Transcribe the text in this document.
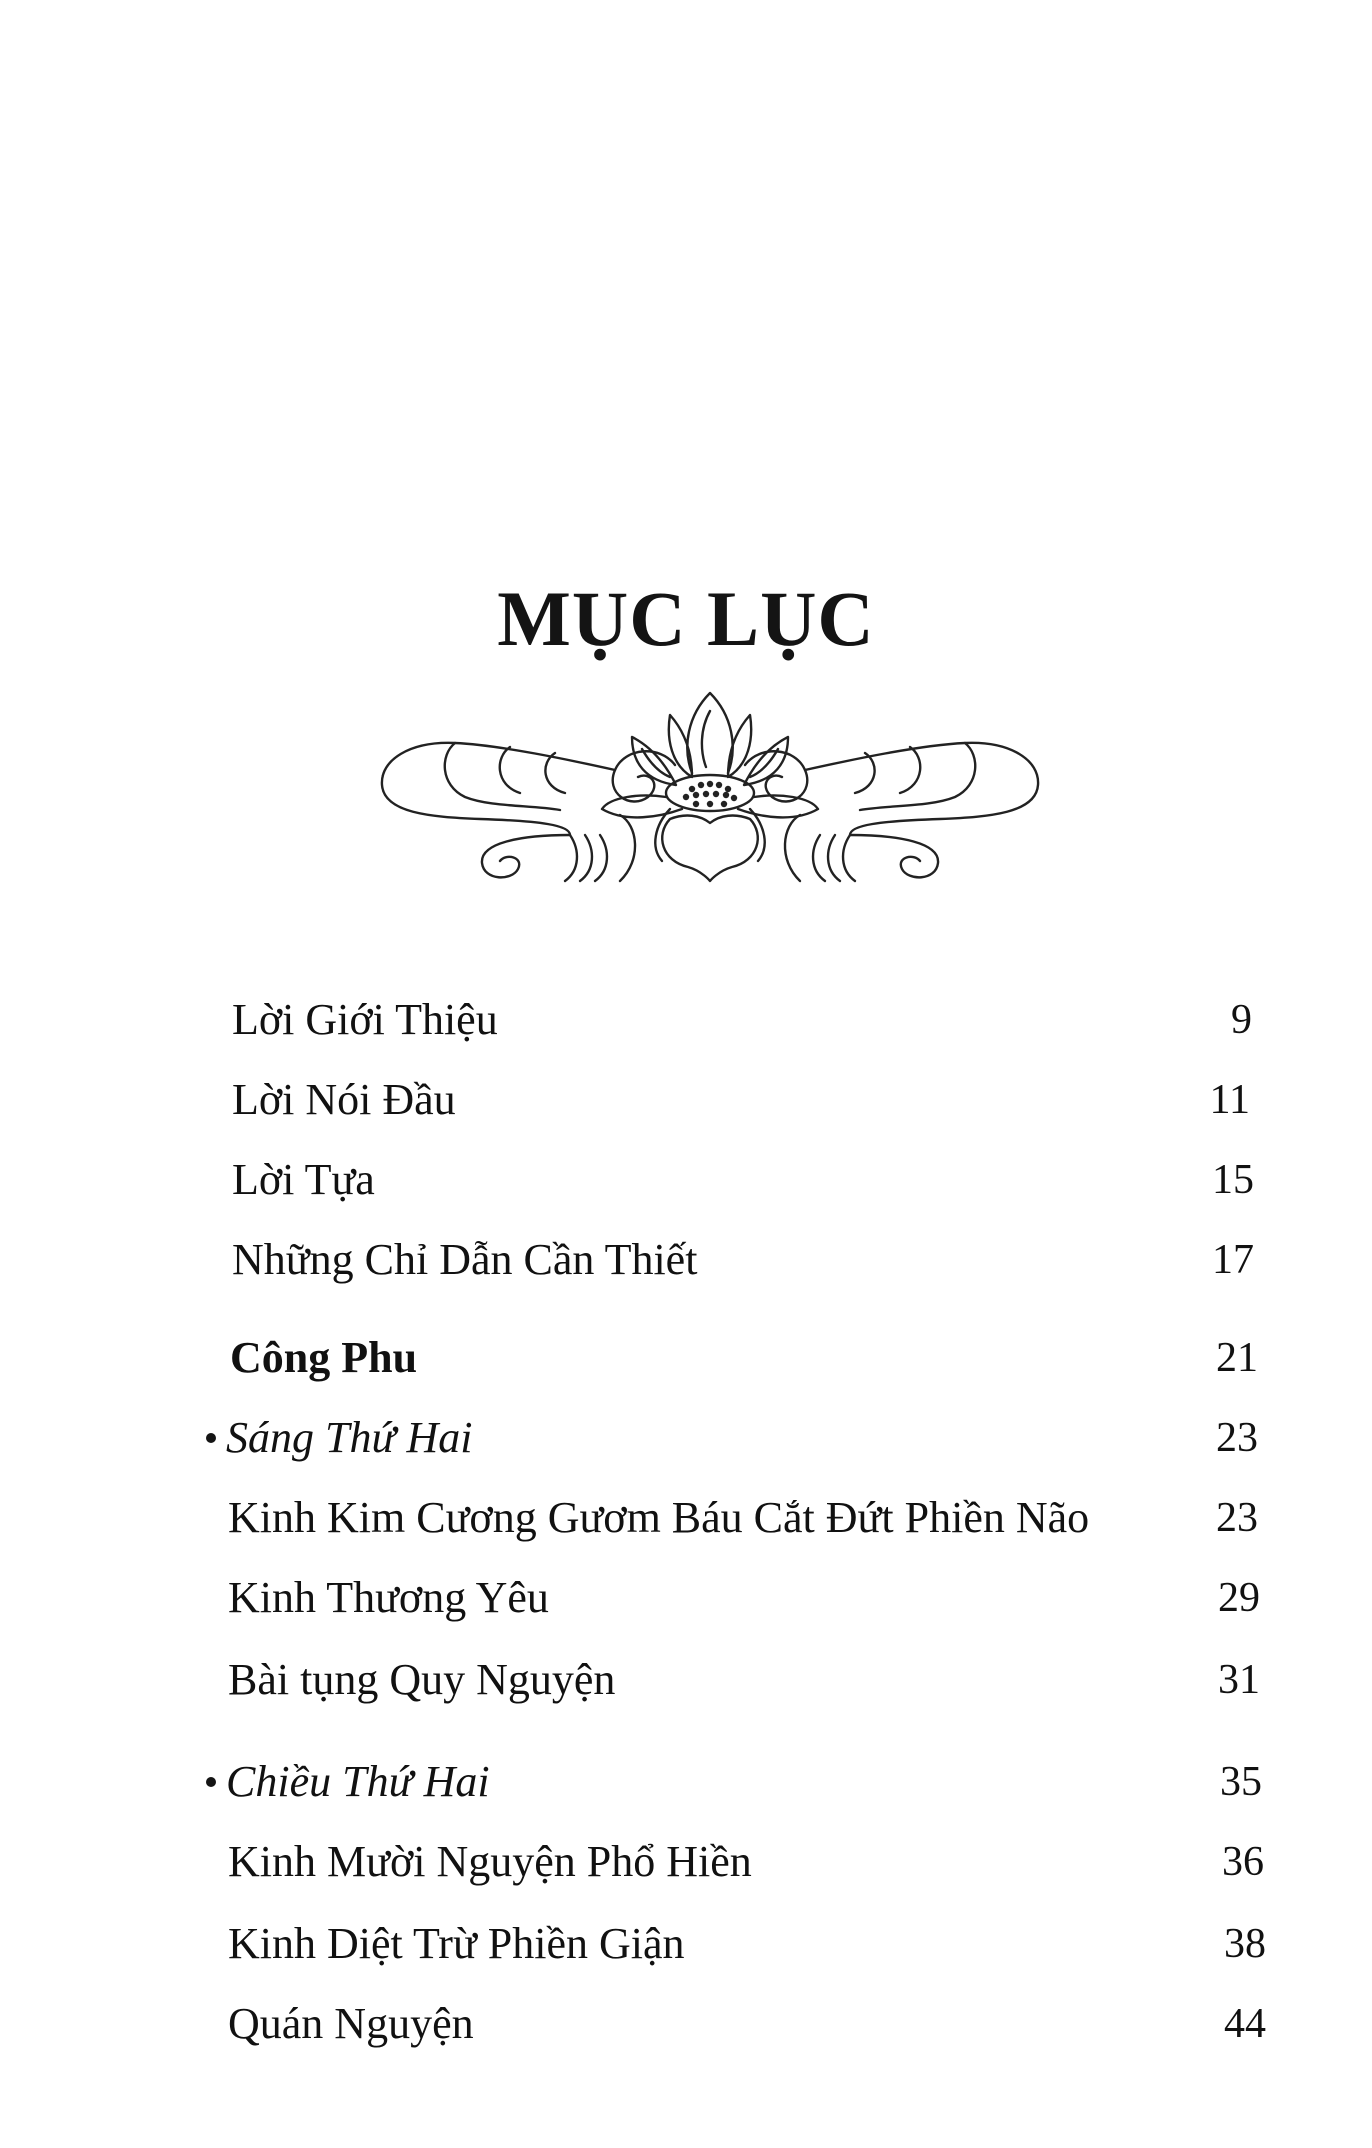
MỤC LỤC
Lời Giới Thiệu	9
Lời Nói Đầu	11
Lời Tựa	15
Những Chỉ Dẫn Cần Thiết	17
Công Phu	21
Sáng Thứ Hai	23
Kinh Kim Cương Gươm Báu Cắt Đứt Phiền Não	23
Kinh Thương Yêu	29
Bài tụng Quy Nguyện	31
Chiều Thứ Hai	35
Kinh Mười Nguyện Phổ Hiền	36
Kinh Diệt Trừ Phiền Giận	38
Quán Nguyện	44
